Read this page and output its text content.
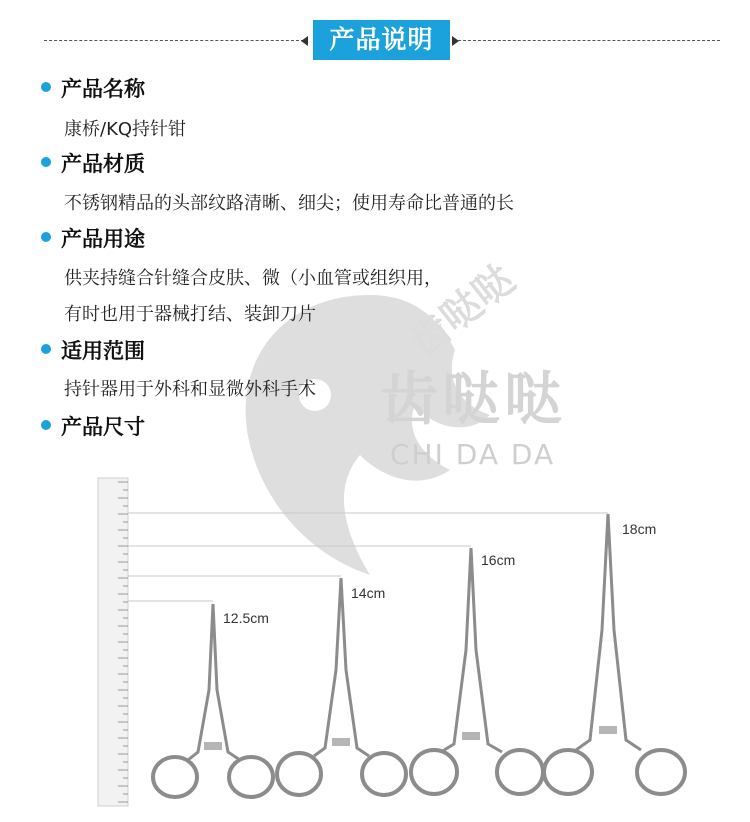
产品说明
齿哒哒
齿哒哒
CHI DA DA
产品名称
康桥/KQ持针钳
产品材质
不锈钢精品的头部纹路清晰、细尖；使用寿命比普通的长
产品用途
供夹持缝合针缝合皮肤、微（小血管或组织用，
有时也用于器械打结、装卸刀片
适用范围
持针器用于外科和显微外科手术
产品尺寸
12.5cm
14cm
16cm
18cm
